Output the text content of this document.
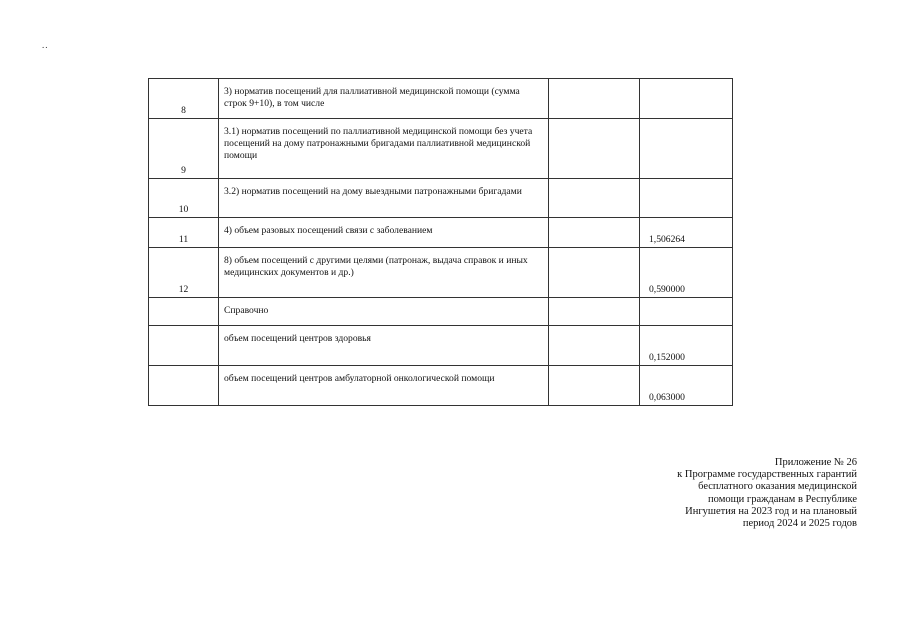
..
8	3) норматив посещений для паллиативной медицинской помощи (сумма строк 9+10), в том числе		
9	3.1) норматив посещений по паллиативной медицинской помощи без учета посещений на дому патронажными бригадами паллиативной медицинской помощи		
10	3.2) норматив посещений на дому выездными патронажными бригадами		
11	4) объем разовых посещений связи с заболеванием		1,506264
12	8) объем посещений с другими целями (патронаж, выдача справок и иных медицинских документов и др.)		0,590000
	Справочно		
	объем посещений центров здоровья		0,152000
	объем посещений центров амбулаторной онкологической помощи		0,063000
Приложение № 26
к Программе государственных гарантий
бесплатного оказания медицинской
помощи гражданам в Республике
Ингушетия на 2023 год и на плановый
период 2024 и 2025 годов
